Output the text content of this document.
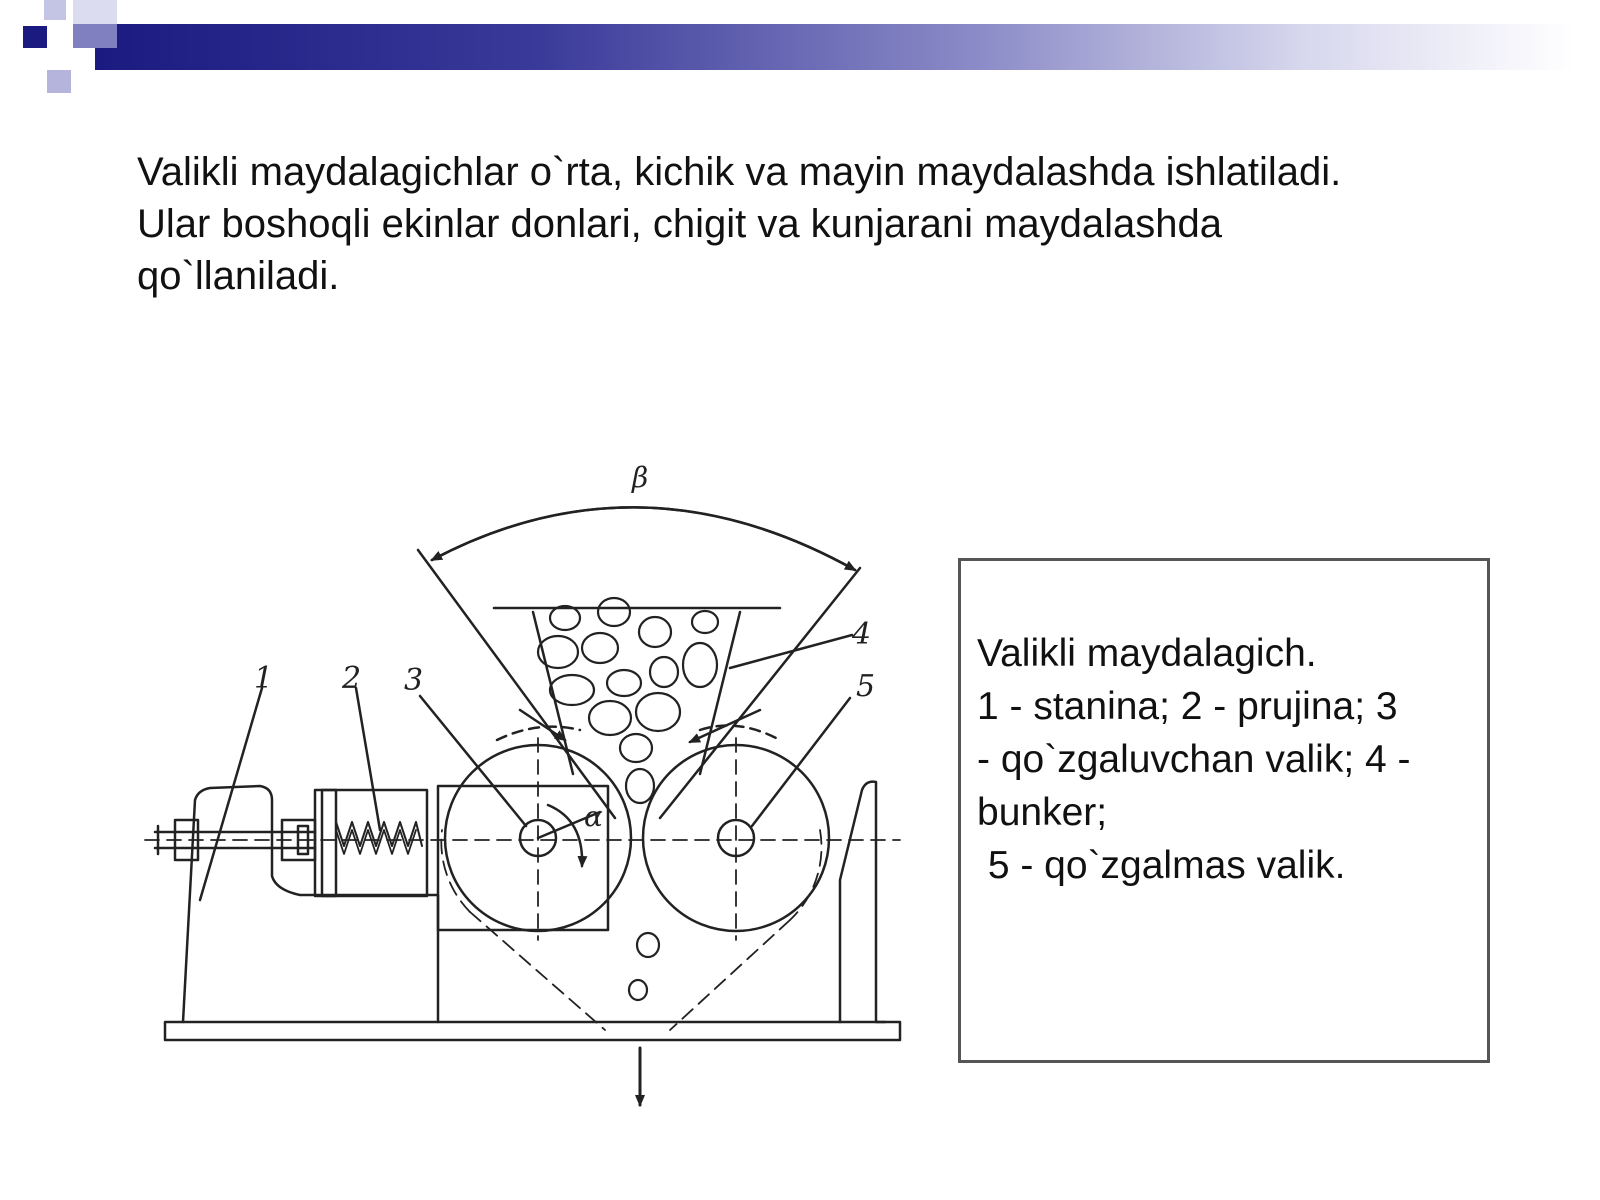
Valikli maydalagichlar o`rta, kichik va mayin maydalashda ishlatiladi.
Ular boshoqli ekinlar donlari, chigit va kunjarani maydalashda
qo`llaniladi.
1 2 3
4
5
α
β
Valikli maydalagich.
1 - stanina; 2 - prujina; 3
- qo`zgaluvchan valik; 4 -
bunker;
5 - qo`zgalmas valik.
